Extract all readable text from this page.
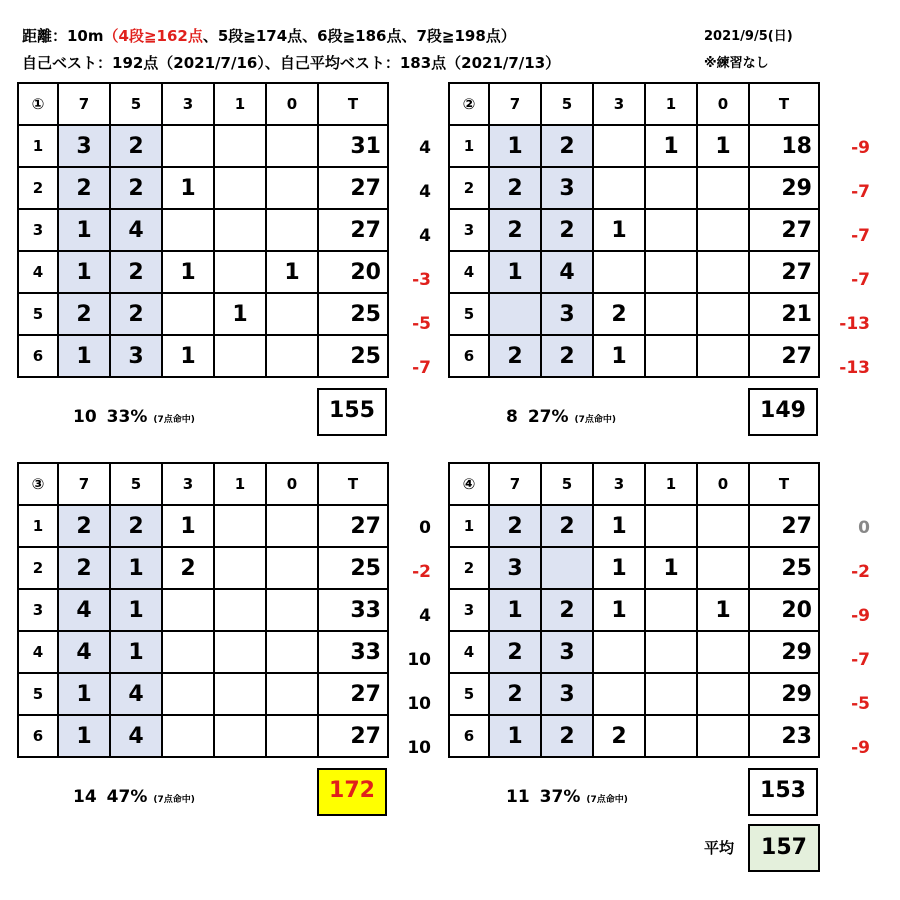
距離：10m（4段≧162点、5段≧174点、6段≧186点、7段≧198点）
自己ベスト：192点（2021/7/16）、自己平均ベスト：183点（2021/7/13）
2021/9/5(日)
※練習なし
4
4
4
-3
-5
-7
①	7	5	3	1	0	T
1	3	2				31
2	2	2	1			27
3	1	4				27
4	1	2	1		1	20
5	2	2		1		25
6	1	3	1			25
10 33% (7点命中)	155
-9
-7
-7
-7
-13
-13
②	7	5	3	1	0	T
1	1	2		1	1	18
2	2	3				29
3	2	2	1			27
4	1	4				27
5		3	2			21
6	2	2	1			27
8 27% (7点命中)	149
0
-2
4
10
10
10
③	7	5	3	1	0	T
1	2	2	1			27
2	2	1	2			25
3	4	1				33
4	4	1				33
5	1	4				27
6	1	4				27
14 47% (7点命中)	172
0
-2
-9
-7
-5
-9
④	7	5	3	1	0	T
1	2	2	1			27
2	3		1	1		25
3	1	2	1		1	20
4	2	3				29
5	2	3				29
6	1	2	2			23
11 37% (7点命中)	153
平均	157
